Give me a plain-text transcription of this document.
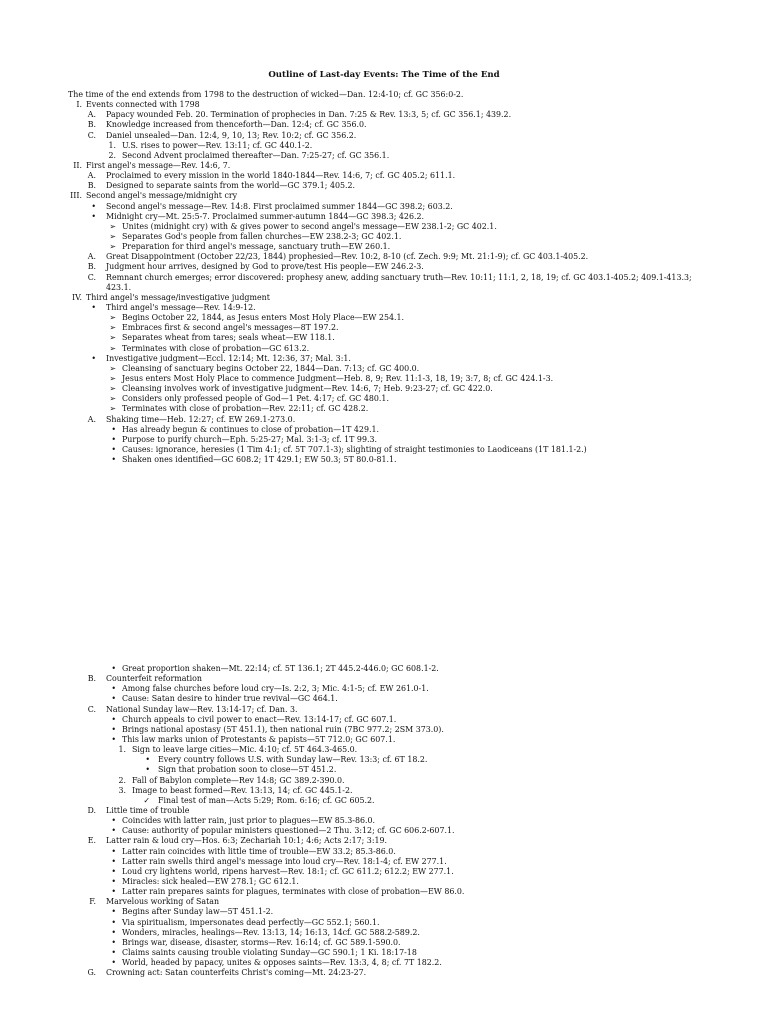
Outline of Last-day Events: The Time of the End
The time of the end extends from 1798 to the destruction of wicked—Dan. 12:4-10; cf. GC 356:0-2.
I. Events connected with 1798
A.	Papacy wounded Feb. 20. Termination of prophecies in Dan. 7:25 & Rev. 13:3, 5; cf. GC 356.1; 439.2.
B.	Knowledge increased from thenceforth—Dan. 12:4; cf. GC 356.0.
C.	Daniel unsealed—Dan. 12:4, 9, 10, 13; Rev. 10:2; cf. GC 356.2.
1. U.S. rises to power—Rev. 13:11; cf. GC 440.1-2.
2. Second Advent proclaimed thereafter—Dan. 7:25-27; cf. GC 356.1.
II. First angel's message—Rev. 14:6, 7.
A.	Proclaimed to every mission in the world 1840-1844—Rev. 14:6, 7; cf. GC 405.2; 611.1.
B.	Designed to separate saints from the world—GC 379.1; 405.2.
III. Second angel's message/midnight cry
•	Second angel's message—Rev. 14:8. First proclaimed summer 1844—GC 398.2; 603.2.
•	Midnight cry—Mt. 25:5-7. Proclaimed summer-autumn 1844—GC 398.3; 426.2.
➢ Unites (midnight cry) with & gives power to second angel's message—EW 238.1-2; GC 402.1.
➢ Separates God's people from fallen churches—EW 238.2-3; GC 402.1.
➢ Preparation for third angel's message, sanctuary truth—EW 260.1.
A.	Great Disappointment (October 22/23, 1844) prophesied—Rev. 10:2, 8-10 (cf. Zech. 9:9; Mt. 21:1-9); cf. GC 403.1-405.2.
B.	Judgment hour arrives, designed by God to prove/test His people—EW 246.2-3.
C.	Remnant church emerges; error discovered: prophesy anew, adding sanctuary truth—Rev. 10:11; 11:1, 2, 18, 19; cf. GC 403.1-405.2; 409.1-413.3; 423.1.
IV. Third angel's message/investigative judgment
•	Third angel's message—Rev. 14:9-12.
➢ Begins October 22, 1844, as Jesus enters Most Holy Place—EW 254.1.
➢ Embraces first & second angel's messages—8T 197.2.
➢ Separates wheat from tares; seals wheat—EW 118.1.
➢ Terminates with close of probation—GC 613.2.
•	Investigative judgment—Eccl. 12:14; Mt. 12:36, 37; Mal. 3:1.
➢ Cleansing of sanctuary begins October 22, 1844—Dan. 7:13; cf. GC 400.0.
➢ Jesus enters Most Holy Place to commence Judgment—Heb. 8, 9; Rev. 11:1-3, 18, 19; 3:7, 8; cf. GC 424.1-3.
➢ Cleansing involves work of investigative judgment—Rev. 14:6, 7; Heb. 9:23-27; cf. GC 422.0.
➢ Considers only professed people of God—1 Pet. 4:17; cf. GC 480.1.
➢ Terminates with close of probation—Rev. 22:11; cf. GC 428.2.
A.	Shaking time—Heb. 12:27; cf. EW 269.1-273.0.
• Has already begun & continues to close of probation—1T 429.1.
• Purpose to purify church—Eph. 5:25-27; Mal. 3:1-3; cf. 1T 99.3.
• Causes: ignorance, heresies (1 Tim 4:1; cf. 5T 707.1-3); slighting of straight testimonies to Laodiceans (1T 181.1-2.)
• Shaken ones identified—GC 608.2; 1T 429.1; EW 50.3; 5T 80.0-81.1.
• Great proportion shaken—Mt. 22:14; cf. 5T 136.1; 2T 445.2-446.0; GC 608.1-2.
B.	Counterfeit reformation
• Among false churches before loud cry—Is. 2:2, 3; Mic. 4:1-5; cf. EW 261.0-1.
• Cause: Satan desire to hinder true revival—GC 464.1.
C.	National Sunday law—Rev. 13:14-17; cf. Dan. 3.
• Church appeals to civil power to enact—Rev. 13:14-17; cf. GC 607.1.
• Brings national apostasy (5T 451.1), then national ruin (7BC 977.2; 2SM 373.0).
• This law marks union of Protestants & papists—5T 712.0; GC 607.1.
1. Sign to leave large cities—Mic. 4:10; cf. 5T 464.3-465.0.
•	Every country follows U.S. with Sunday law—Rev. 13:3; cf. 6T 18.2.
•	Sign that probation soon to close—5T 451.2.
2. Fall of Babylon complete—Rev 14:8; GC 389.2-390.0.
3. Image to beast formed—Rev. 13:13, 14; cf. GC 445.1-2.
✓	Final test of man—Acts 5:29; Rom. 6:16; cf. GC 605.2.
D.	Little time of trouble
• Coincides with latter rain, just prior to plagues—EW 85.3-86.0.
• Cause: authority of popular ministers questioned—2 Thu. 3:12; cf. GC 606.2-607.1.
E.	Latter rain & loud cry—Hos. 6:3; Zechariah 10:1; 4:6; Acts 2:17; 3:19.
• Latter rain coincides with little time of trouble—EW 33.2; 85.3-86.0.
• Latter rain swells third angel's message into loud cry—Rev. 18:1-4; cf. EW 277.1.
• Loud cry lightens world, ripens harvest—Rev. 18:1; cf. GC 611.2; 612.2; EW 277.1.
• Miracles: sick healed—EW 278.1; GC 612.1.
• Latter rain prepares saints for plagues, terminates with close of probation—EW 86.0.
F.	Marvelous working of Satan
• Begins after Sunday law—5T 451.1-2.
• Via spiritualism, impersonates dead perfectly—GC 552.1; 560.1.
• Wonders, miracles, healings—Rev. 13:13, 14; 16:13, 14cf. GC 588.2-589.2.
• Brings war, disease, disaster, storms—Rev. 16:14; cf. GC 589.1-590.0.
• Claims saints causing trouble violating Sunday—GC 590.1; 1 Ki. 18:17-18
• World, headed by papacy, unites & opposes saints—Rev. 13:3, 4, 8; cf. 7T 182.2.
G.	Crowning act: Satan counterfeits Christ's coming—Mt. 24:23-27.
